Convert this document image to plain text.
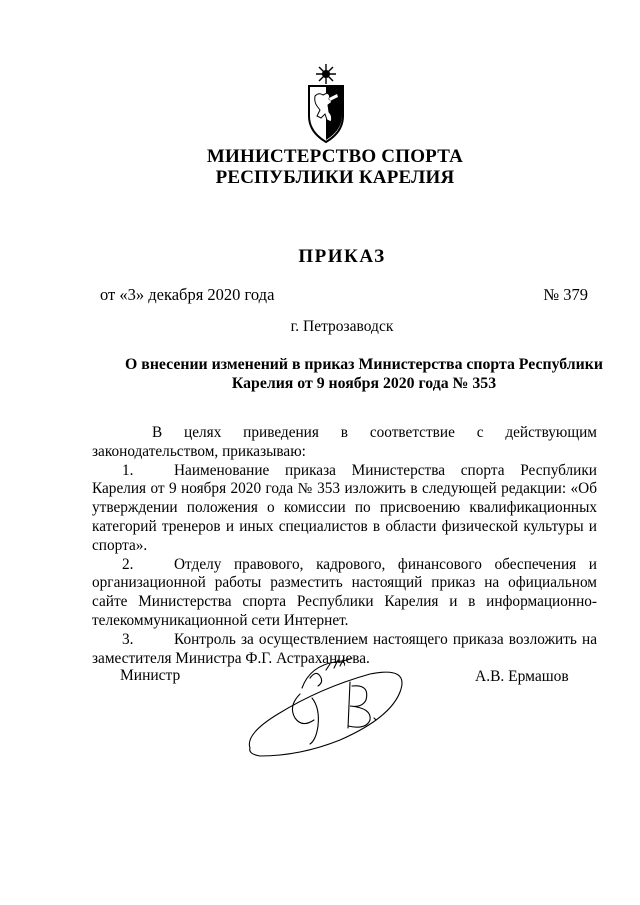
МИНИСТЕРСТВО СПОРТА
РЕСПУБЛИКИ КАРЕЛИЯ
ПРИКАЗ
от «3» декабря 2020 года	№ 379
г. Петрозаводск
О внесении изменений в приказ Министерства спорта Республики
Карелия от 9 ноября 2020 года № 353
В целях приведения в соответствие с действующим
законодательством, приказываю:
1.	Наименование приказа Министерства спорта Республики
Карелия от 9 ноября 2020 года № 353 изложить в следующей редакции: «Об
утверждении положения о комиссии по присвоению квалификационных
категорий тренеров и иных специалистов в области физической культуры и
спорта».
2.	Отделу правового, кадрового, финансового обеспечения и
организационной работы разместить настоящий приказ на официальном
сайте Министерства спорта Республики Карелия и в информационно-
телекоммуникационной сети Интернет.
3.	Контроль за осуществлением настоящего приказа возложить на
заместителя Министра Ф.Г. Астраханцева.
Министр	А.В. Ермашов
